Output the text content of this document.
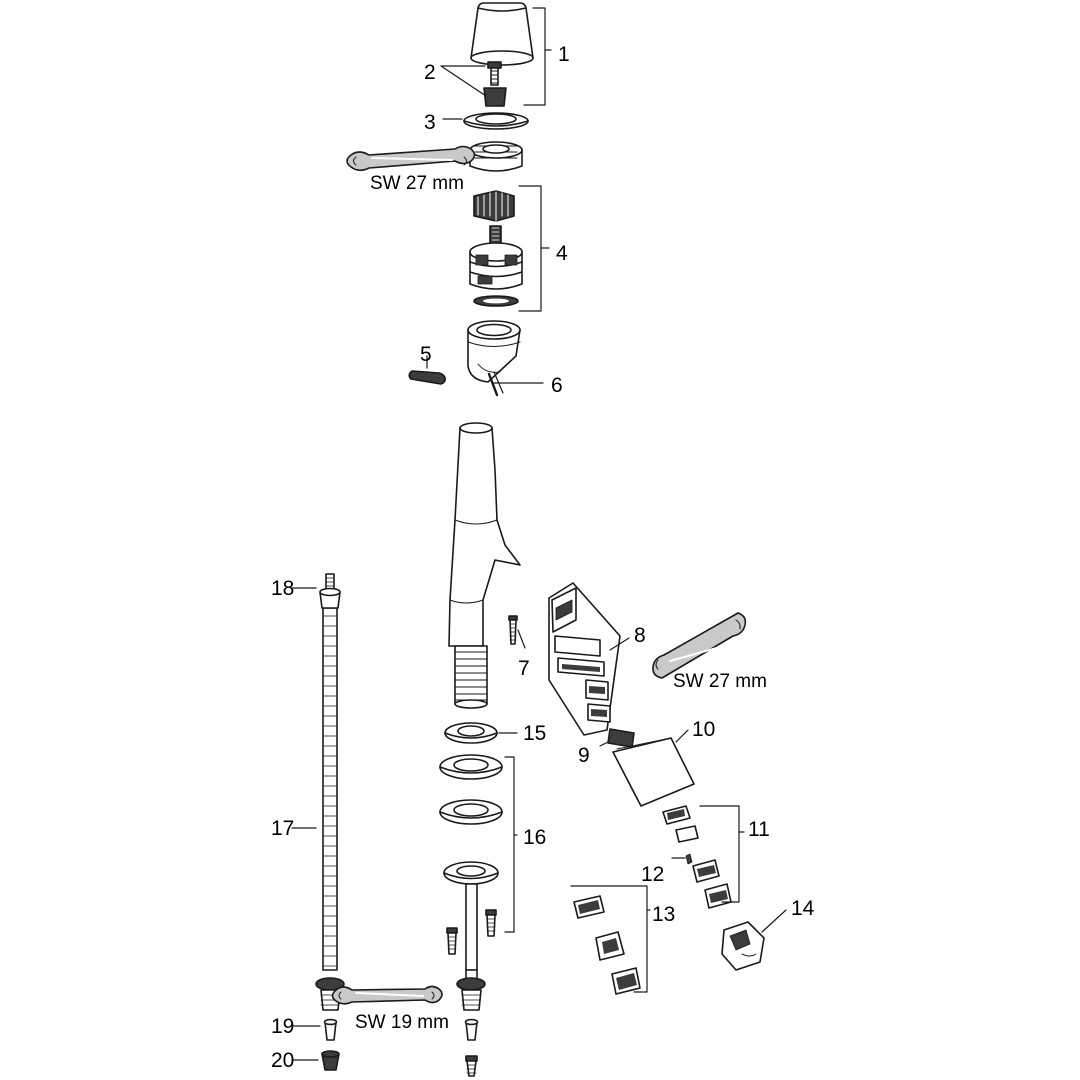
1
2
3
4
5
6
7
8
9
10
11
12
13	14
15
16
17
18
19
20
SW 27 mm
SW 27 mm
SW 19 mm
